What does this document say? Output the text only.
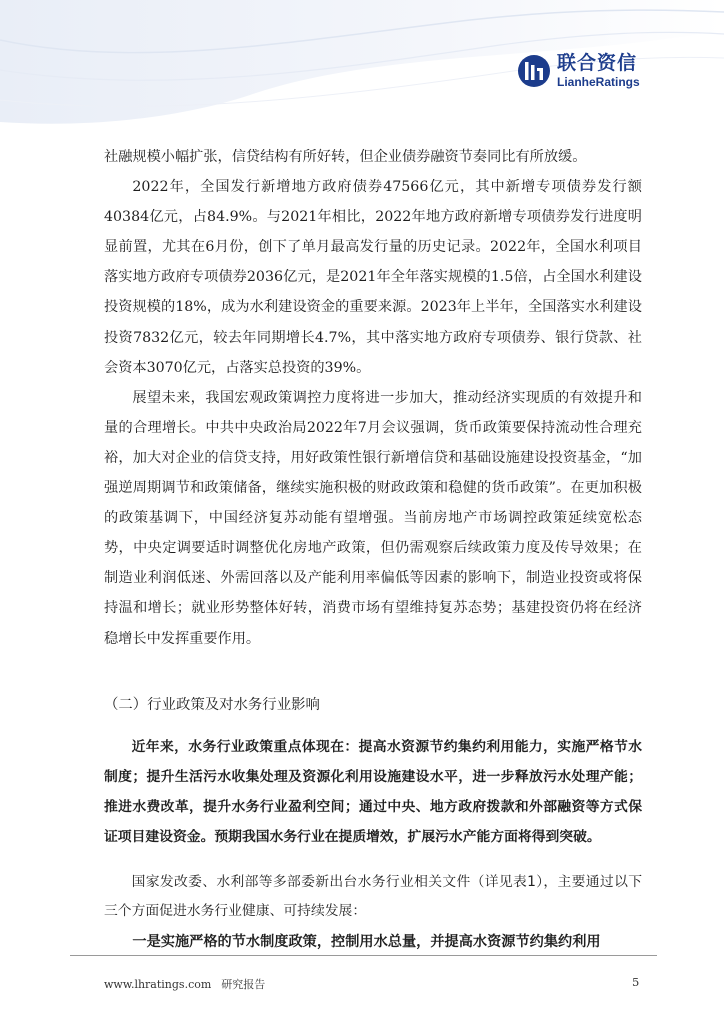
联合资信
LianheRatings

社融规模小幅扩张，信贷结构有所好转，但企业债券融资节奏同比有所放缓。

2022年，全国发行新增地方政府债券47566亿元，其中新增专项债券发行额40384亿元，占84.9%。与2021年相比，2022年地方政府新增专项债券发行进度明显前置，尤其在6月份，创下了单月最高发行量的历史记录。2022年，全国水利项目落实地方政府专项债券2036亿元，是2021年全年落实规模的1.5倍，占全国水利建设投资规模的18%，成为水利建设资金的重要来源。2023年上半年，全国落实水利建设投资7832亿元，较去年同期增长4.7%，其中落实地方政府专项债券、银行贷款、社会资本3070亿元，占落实总投资的39%。

展望未来，我国宏观政策调控力度将进一步加大，推动经济实现质的有效提升和量的合理增长。中共中央政治局2022年7月会议强调，货币政策要保持流动性合理充裕，加大对企业的信贷支持，用好政策性银行新增信贷和基础设施建设投资基金，“加强逆周期调节和政策储备，继续实施积极的财政政策和稳健的货币政策”。在更加积极的政策基调下，中国经济复苏动能有望增强。当前房地产市场调控政策延续宽松态势，中央定调要适时调整优化房地产政策，但仍需观察后续政策力度及传导效果；在制造业利润低迷、外需回落以及产能利用率偏低等因素的影响下，制造业投资或将保持温和增长；就业形势整体好转，消费市场有望维持复苏态势；基建投资仍将在经济稳增长中发挥重要作用。

（二）行业政策及对水务行业影响

近年来，水务行业政策重点体现在：提高水资源节约集约利用能力，实施严格节水制度；提升生活污水收集处理及资源化利用设施建设水平，进一步释放污水处理产能；推进水费改革，提升水务行业盈利空间；通过中央、地方政府拨款和外部融资等方式保证项目建设资金。预期我国水务行业在提质增效，扩展污水产能方面将得到突破。

国家发改委、水利部等多部委新出台水务行业相关文件（详见表1），主要通过以下三个方面促进水务行业健康、可持续发展：

一是实施严格的节水制度政策，控制用水总量，并提高水资源节约集约利用

www.lhratings.com 研究报告	5
